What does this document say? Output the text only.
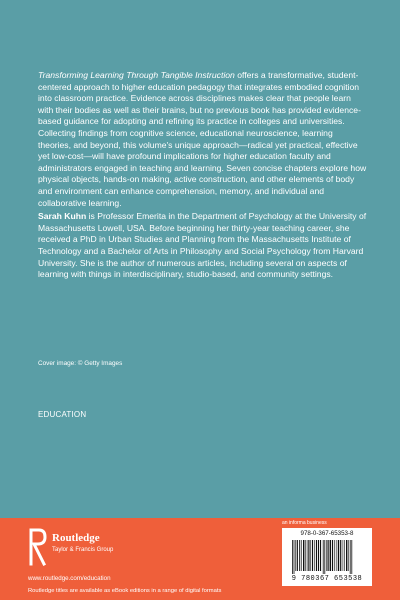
Transforming Learning Through Tangible Instruction offers a transformative, student-centered approach to higher education pedagogy that integrates embodied cognition into classroom practice. Evidence across disciplines makes clear that people learn with their bodies as well as their brains, but no previous book has provided evidence-based guidance for adopting and refining its practice in colleges and universities. Collecting findings from cognitive science, educational neuroscience, learning theories, and beyond, this volume's unique approach—radical yet practical, effective yet low-cost—will have profound implications for higher education faculty and administrators engaged in teaching and learning. Seven concise chapters explore how physical objects, hands-on making, active construction, and other elements of body and environment can enhance comprehension, memory, and individual and collaborative learning.

Sarah Kuhn is Professor Emerita in the Department of Psychology at the University of Massachusetts Lowell, USA. Before beginning her thirty-year teaching career, she received a PhD in Urban Studies and Planning from the Massachusetts Institute of Technology and a Bachelor of Arts in Philosophy and Social Psychology from Harvard University. She is the author of numerous articles, including several on aspects of learning with things in interdisciplinary, studio-based, and community settings.

Cover image: © Getty Images
EDUCATION
Routledge
Taylor & Francis Group
www.routledge.com/education
Routledge titles are available as eBook editions in a range of digital formats
an informa business
978-0-367-65353-8
9 780367 653538
